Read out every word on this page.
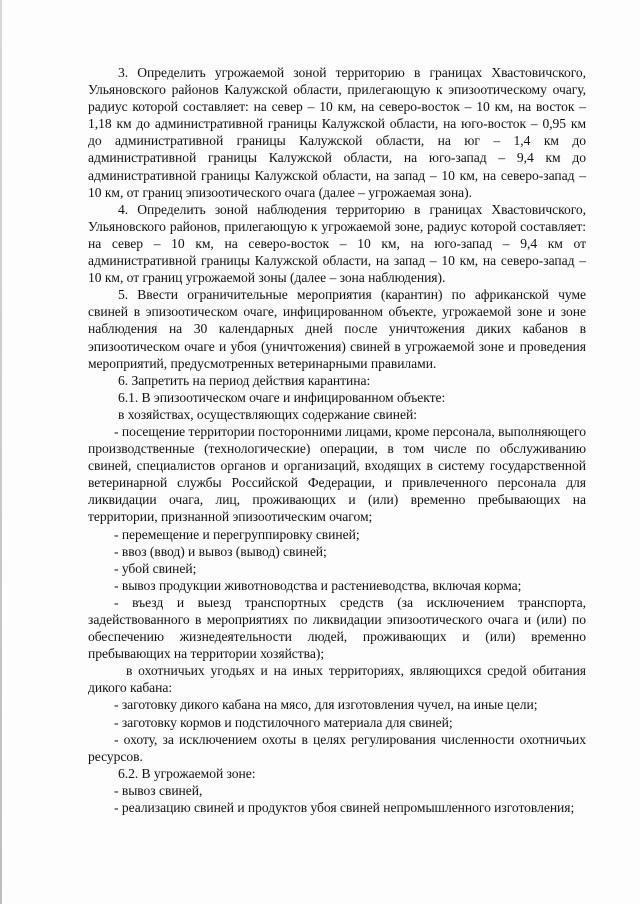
3. Определить угрожаемой зоной территорию в границах Хвастовичского, Ульяновского районов Калужской области, прилегающую к эпизоотическому очагу, радиус которой составляет: на север – 10 км, на северо-восток – 10 км, на восток – 1,18 км до административной границы Калужской области, на юго-восток – 0,95 км до административной границы Калужской области, на юг – 1,4 км до административной границы Калужской области, на юго-запад – 9,4 км до административной границы Калужской области, на запад – 10 км, на северо-запад – 10 км, от границ эпизоотического очага (далее – угрожаемая зона).

4. Определить зоной наблюдения территорию в границах Хвастовичского, Ульяновского районов, прилегающую к угрожаемой зоне, радиус которой составляет: на север – 10 км, на северо-восток – 10 км, на юго-запад – 9,4 км от административной границы Калужской области, на запад – 10 км, на северо-запад – 10 км, от границ угрожаемой зоны (далее – зона наблюдения).

5. Ввести ограничительные мероприятия (карантин) по африканской чуме свиней в эпизоотическом очаге, инфицированном объекте, угрожаемой зоне и зоне наблюдения на 30 календарных дней после уничтожения диких кабанов в эпизоотическом очаге и убоя (уничтожения) свиней в угрожаемой зоне и проведения мероприятий, предусмотренных ветеринарными правилами.

6. Запретить на период действия карантина:

6.1. В эпизоотическом очаге и инфицированном объекте:

в хозяйствах, осуществляющих содержание свиней:

- посещение территории посторонними лицами, кроме персонала, выполняющего производственные (технологические) операции, в том числе по обслуживанию свиней, специалистов органов и организаций, входящих в систему государственной ветеринарной службы Российской Федерации, и привлеченного персонала для ликвидации очага, лиц, проживающих и (или) временно пребывающих на территории, признанной эпизоотическим очагом;

- перемещение и перегруппировку свиней;

- ввоз (ввод) и вывоз (вывод) свиней;

- убой свиней;

- вывоз продукции животноводства и растениеводства, включая корма;

- въезд и выезд транспортных средств (за исключением транспорта, задействованного в мероприятиях по ликвидации эпизоотического очага и (или) по обеспечению жизнедеятельности людей, проживающих и (или) временно пребывающих на территории хозяйства);

в охотничьих угодьях и на иных территориях, являющихся средой обитания дикого кабана:

- заготовку дикого кабана на мясо, для изготовления чучел, на иные цели;

- заготовку кормов и подстилочного материала для свиней;

- охоту, за исключением охоты в целях регулирования численности охотничьих ресурсов.

6.2. В угрожаемой зоне:

- вывоз свиней,

- реализацию свиней и продуктов убоя свиней непромышленного изготовления;
